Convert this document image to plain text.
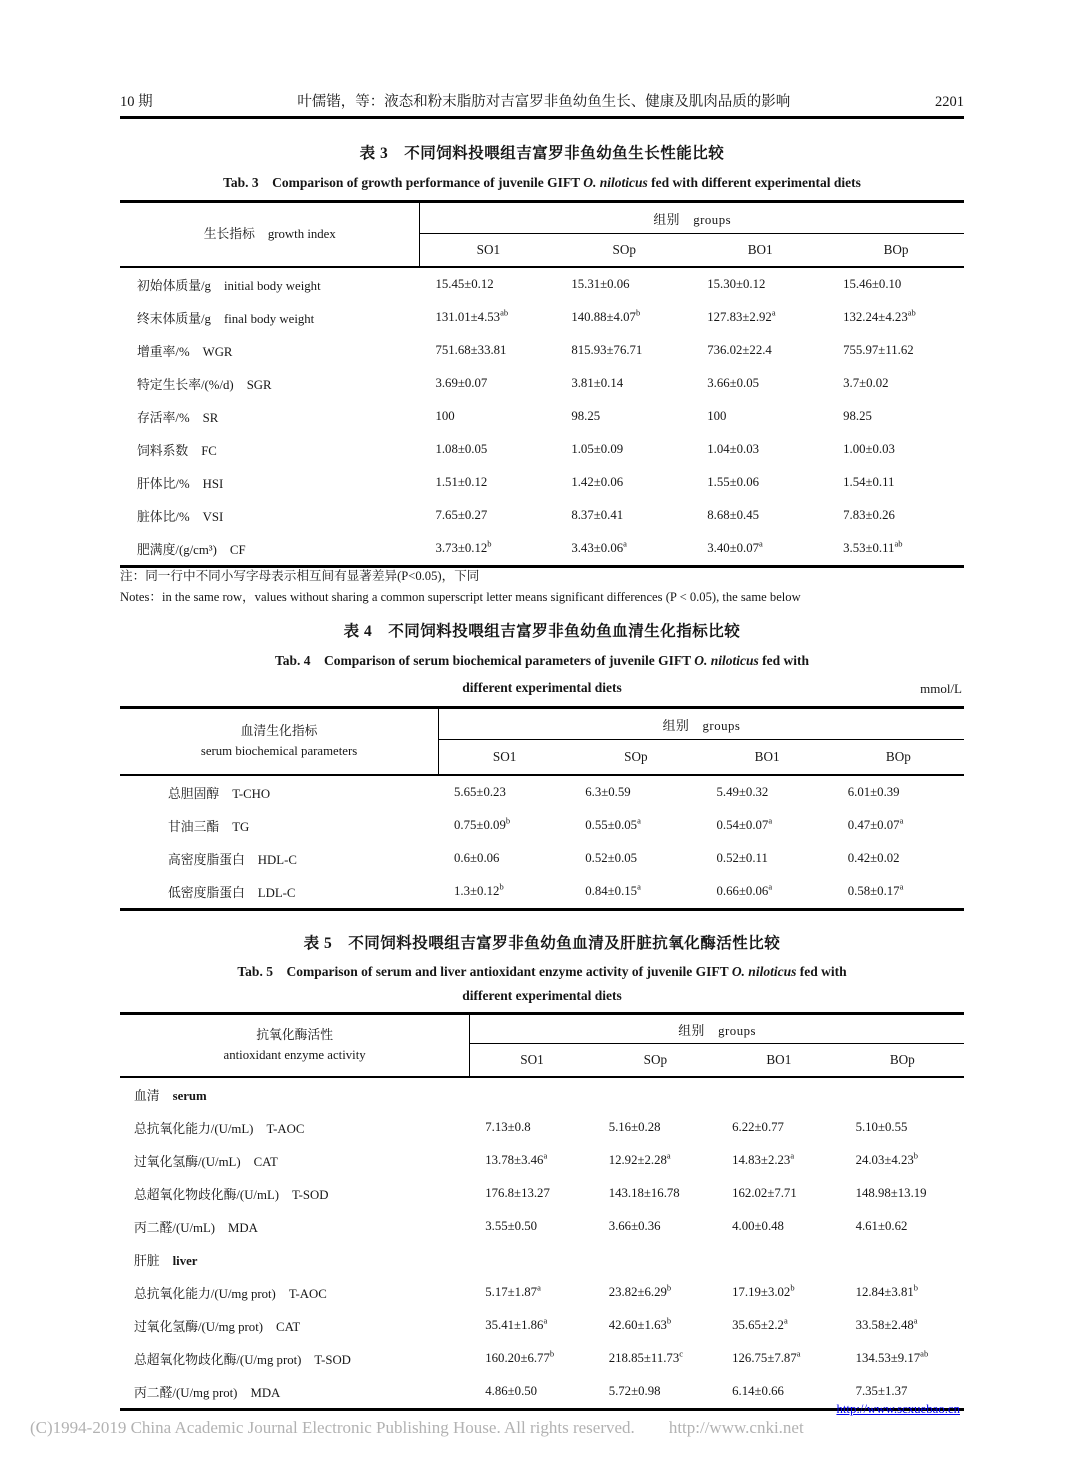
10 期	叶儒锴，等：液态和粉末脂肪对吉富罗非鱼幼鱼生长、健康及肌肉品质的影响	2201
表 3　不同饲料投喂组吉富罗非鱼幼鱼生长性能比较
Tab. 3　Comparison of growth performance of juvenile GIFT O. niloticus fed with different experimental diets
生长指标 growth index
组别　groups
SO1	SOp	BO1	BOp
初始体质量/g initial body weight	15.45±0.12	15.31±0.06	15.30±0.12	15.46±0.10
终末体质量/g final body weight	131.01±4.53$^{ab}$	140.88±4.07$^b$	127.83±2.92$^a$	132.24±4.23$^{ab}$
增重率/% WGR	751.68±33.81	815.93±76.71	736.02±22.4	755.97±11.62
特定生长率/(%/d) SGR	3.69±0.07	3.81±0.14	3.66±0.05	3.7±0.02
存活率/% SR	100	98.25	100	98.25
饲料系数 FC	1.08±0.05	1.05±0.09	1.04±0.03	1.00±0.03
肝体比/% HSI	1.51±0.12	1.42±0.06	1.55±0.06	1.54±0.11
脏体比/% VSI	7.65±0.27	8.37±0.41	8.68±0.45	7.83±0.26
肥满度/(g/cm³) CF	3.73±0.12$^b$	3.43±0.06$^a$	3.40±0.07$^a$	3.53±0.11$^{ab}$
注：同一行中不同小写字母表示相互间有显著差异(P<0.05)，下同
Notes：in the same row，values without sharing a common superscript letter means significant differences (P < 0.05), the same below
表 4　不同饲料投喂组吉富罗非鱼幼鱼血清生化指标比较
Tab. 4　Comparison of serum biochemical parameters of juvenile GIFT O. niloticus fed with
different experimental diets	mmol/L
血清生化指标
serum biochemical parameters
组别　groups
SO1	SOp	BO1	BOp
总胆固醇 T-CHO	5.65±0.23	6.3±0.59	5.49±0.32	6.01±0.39
甘油三酯 TG	0.75±0.09$^b$	0.55±0.05$^a$	0.54±0.07$^a$	0.47±0.07$^a$
高密度脂蛋白 HDL-C	0.6±0.06	0.52±0.05	0.52±0.11	0.42±0.02
低密度脂蛋白 LDL-C	1.3±0.12$^b$	0.84±0.15$^a$	0.66±0.06$^a$	0.58±0.17$^a$
表 5　不同饲料投喂组吉富罗非鱼幼鱼血清及肝脏抗氧化酶活性比较
Tab. 5　Comparison of serum and liver antioxidant enzyme activity of juvenile GIFT O. niloticus fed with
different experimental diets
抗氧化酶活性
antioxidant enzyme activity
组别　groups
SO1	SOp	BO1	BOp
血清 serum
总抗氧化能力/(U/mL) T-AOC	7.13±0.8	5.16±0.28	6.22±0.77	5.10±0.55
过氧化氢酶/(U/mL) CAT	13.78±3.46$^a$	12.92±2.28$^a$	14.83±2.23$^a$	24.03±4.23$^b$
总超氧化物歧化酶/(U/mL) T-SOD	176.8±13.27	143.18±16.78	162.02±7.71	148.98±13.19
丙二醛/(U/mL) MDA	3.55±0.50	3.66±0.36	4.00±0.48	4.61±0.62
肝脏 liver
总抗氧化能力/(U/mg prot) T-AOC	5.17±1.87$^a$	23.82±6.29$^b$	17.19±3.02$^b$	12.84±3.81$^b$
过氧化氢酶/(U/mg prot) CAT	35.41±1.86$^a$	42.60±1.63$^b$	35.65±2.2$^a$	33.58±2.48$^a$
总超氧化物歧化酶/(U/mg prot) T-SOD	160.20±6.77$^b$	218.85±11.73$^c$	126.75±7.87$^a$	134.53±9.17$^{ab}$
丙二醛/(U/mg prot) MDA	4.86±0.50	5.72±0.98	6.14±0.66	7.35±1.37
http://www.scxuebao.cn
(C)1994-2019 China Academic Journal Electronic Publishing House. All rights reserved. http://www.cnki.net
